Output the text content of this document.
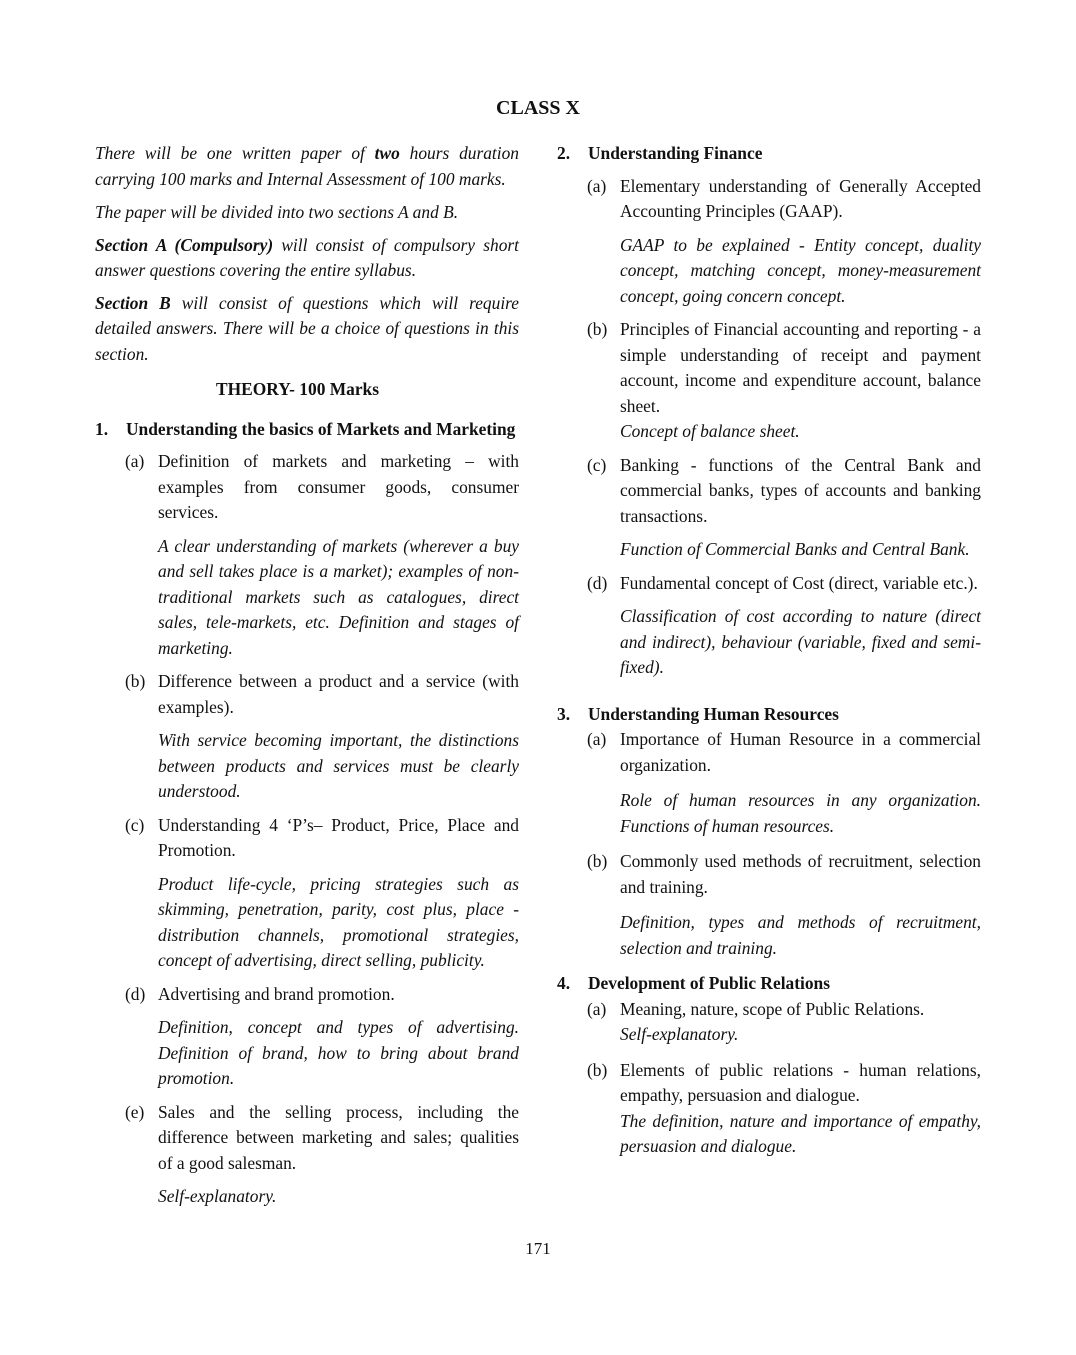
CLASS X

There will be one written paper of two hours duration carrying 100 marks and Internal Assessment of 100 marks.

The paper will be divided into two sections A and B.

Section A (Compulsory) will consist of compulsory short answer questions covering the entire syllabus.

Section B will consist of questions which will require detailed answers. There will be a choice of questions in this section.

THEORY- 100 Marks

1.	Understanding the basics of Markets and Marketing
(a) Definition of markets and marketing – with examples from consumer goods, consumer services.

A clear understanding of markets (wherever a buy and sell takes place is a market); examples of non-traditional markets such as catalogues, direct sales, tele-markets, etc. Definition and stages of marketing.

(b) Difference between a product and a service (with examples).

With service becoming important, the distinctions between products and services must be clearly understood.

(c) Understanding 4 ‘P’s– Product, Price, Place and Promotion.

Product life-cycle, pricing strategies such as skimming, penetration, parity, cost plus, place - distribution channels, promotional strategies, concept of advertising, direct selling, publicity.

(d) Advertising and brand promotion.

Definition, concept and types of advertising. Definition of brand, how to bring about brand promotion.

(e) Sales and the selling process, including the difference between marketing and sales; qualities of a good salesman.

Self-explanatory.

2.	Understanding Finance
(a) Elementary understanding of Generally Accepted Accounting Principles (GAAP).

GAAP to be explained - Entity concept, duality concept, matching concept, money-measurement concept, going concern concept.

(b) Principles of Financial accounting and reporting - a simple understanding of receipt and payment account, income and expenditure account, balance sheet.

Concept of balance sheet.

(c) Banking - functions of the Central Bank and commercial banks, types of accounts and banking transactions.

Function of Commercial Banks and Central Bank.

(d) Fundamental concept of Cost (direct, variable etc.).

Classification of cost according to nature (direct and indirect), behaviour (variable, fixed and semi-fixed).

3.	Understanding Human Resources
(a) Importance of Human Resource in a commercial organization.

Role of human resources in any organization. Functions of human resources.

(b) Commonly used methods of recruitment, selection and training.

Definition, types and methods of recruitment, selection and training.

4.	Development of Public Relations
(a) Meaning, nature, scope of Public Relations.

Self-explanatory.

(b) Elements of public relations - human relations, empathy, persuasion and dialogue.

The definition, nature and importance of empathy, persuasion and dialogue.

171
